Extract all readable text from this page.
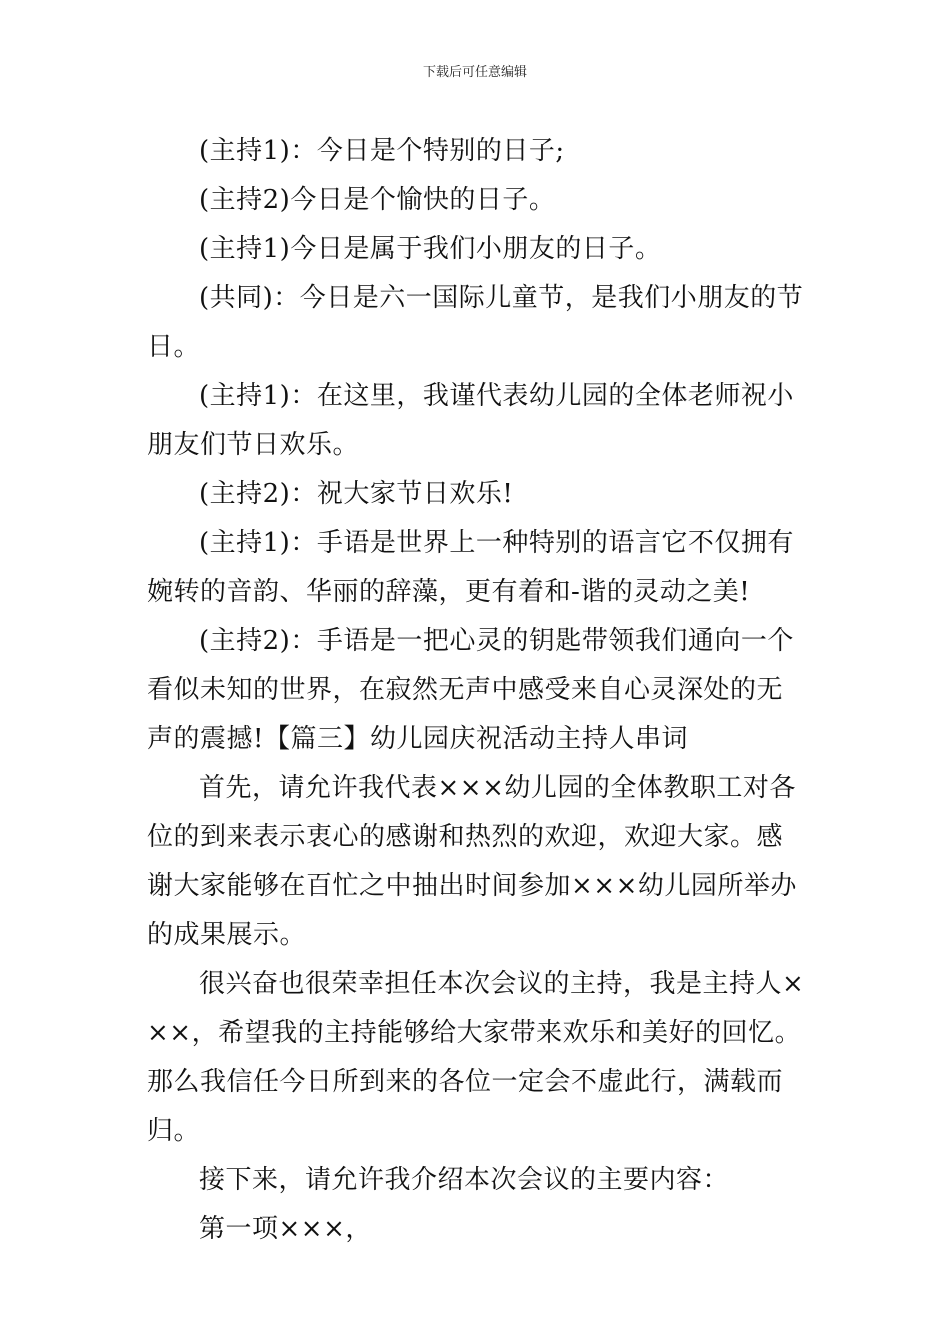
下载后可任意编辑

(主持1)：今日是个特别的日子;

(主持2)今日是个愉快的日子。

(主持1)今日是属于我们小朋友的日子。

(共同)：今日是六一国际儿童节，是我们小朋友的节日。

(主持1)：在这里，我谨代表幼儿园的全体老师祝小朋友们节日欢乐。

(主持2)：祝大家节日欢乐!

(主持1)：手语是世界上一种特别的语言它不仅拥有婉转的音韵、华丽的辞藻，更有着和-谐的灵动之美!

(主持2)：手语是一把心灵的钥匙带领我们通向一个看似未知的世界，在寂然无声中感受来自心灵深处的无声的震撼!【篇三】幼儿园庆祝活动主持人串词

首先，请允许我代表×××幼儿园的全体教职工对各位的到来表示衷心的感谢和热烈的欢迎，欢迎大家。感谢大家能够在百忙之中抽出时间参加×××幼儿园所举办的成果展示。

很兴奋也很荣幸担任本次会议的主持，我是主持人×××，希望我的主持能够给大家带来欢乐和美好的回忆。那么我信任今日所到来的各位一定会不虚此行，满载而归。

接下来，请允许我介绍本次会议的主要内容：

第一项×××，
